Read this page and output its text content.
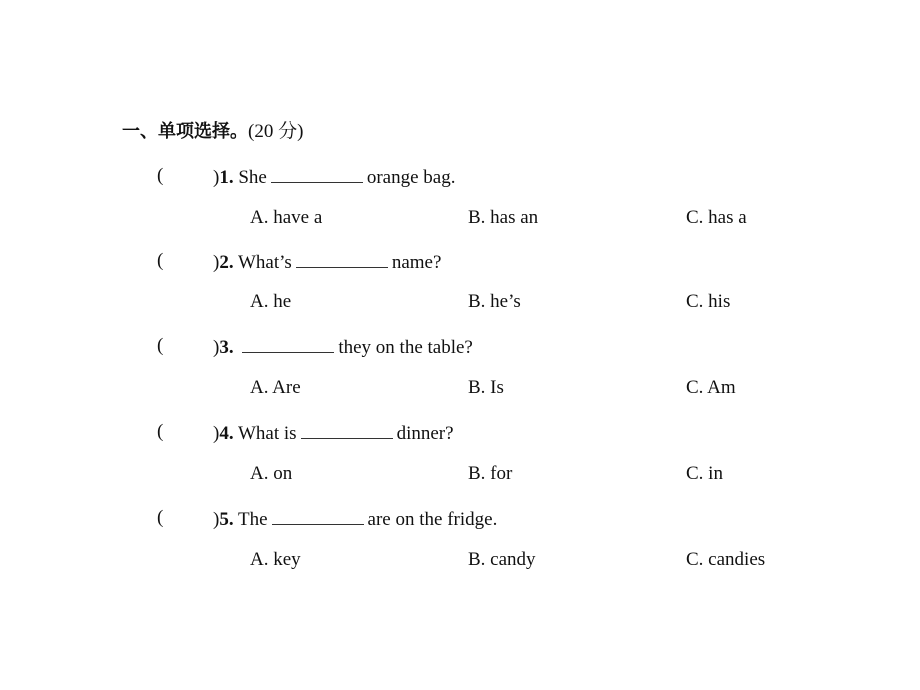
一、单项选择。(20 分)
(	)1. She	orange bag.
A. have a	B. has an	C. has a
(	)2. What’s	name?
A. he	B. he’s	C. his
(	)3.	they on the table?
A. Are	B. Is	C. Am
(	)4. What is	dinner?
A. on	B. for	C. in
(	)5. The	are on the fridge.
A. key	B. candy	C. candies
